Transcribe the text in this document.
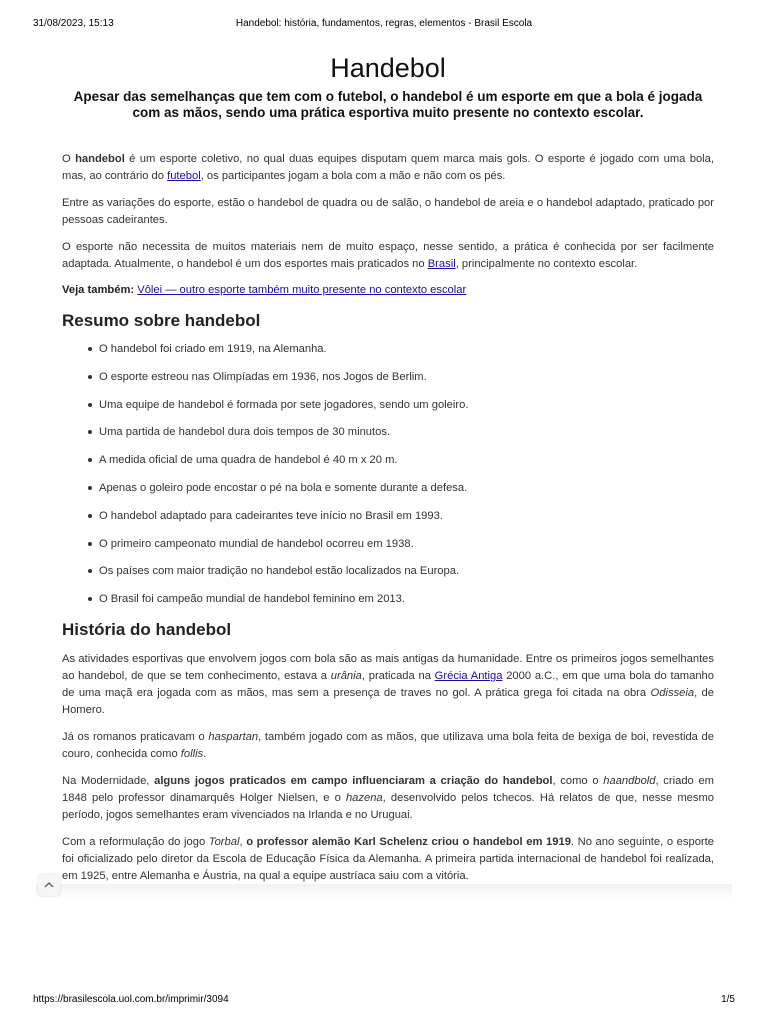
31/08/2023, 15:13	Handebol: história, fundamentos, regras, elementos - Brasil Escola
Handebol

Apesar das semelhanças que tem com o futebol, o handebol é um esporte em que a bola é jogada com as mãos, sendo uma prática esportiva muito presente no contexto escolar.

O handebol é um esporte coletivo, no qual duas equipes disputam quem marca mais gols. O esporte é jogado com uma bola, mas, ao contrário do futebol, os participantes jogam a bola com a mão e não com os pés.

Entre as variações do esporte, estão o handebol de quadra ou de salão, o handebol de areia e o handebol adaptado, praticado por pessoas cadeirantes.

O esporte não necessita de muitos materiais nem de muito espaço, nesse sentido, a prática é conhecida por ser facilmente adaptada. Atualmente, o handebol é um dos esportes mais praticados no Brasil, principalmente no contexto escolar.

Veja também: Vôlei — outro esporte também muito presente no contexto escolar
Resumo sobre handebol
O handebol foi criado em 1919, na Alemanha.
O esporte estreou nas Olimpíadas em 1936, nos Jogos de Berlim.
Uma equipe de handebol é formada por sete jogadores, sendo um goleiro.
Uma partida de handebol dura dois tempos de 30 minutos.
A medida oficial de uma quadra de handebol é 40 m x 20 m.
Apenas o goleiro pode encostar o pé na bola e somente durante a defesa.
O handebol adaptado para cadeirantes teve início no Brasil em 1993.
O primeiro campeonato mundial de handebol ocorreu em 1938.
Os países com maior tradição no handebol estão localizados na Europa.
O Brasil foi campeão mundial de handebol feminino em 2013.
História do handebol

As atividades esportivas que envolvem jogos com bola são as mais antigas da humanidade. Entre os primeiros jogos semelhantes ao handebol, de que se tem conhecimento, estava a urânia, praticada na Grécia Antiga 2000 a.C., em que uma bola do tamanho de uma maçã era jogada com as mãos, mas sem a presença de traves no gol. A prática grega foi citada na obra Odisseia, de Homero.

Já os romanos praticavam o haspartan, também jogado com as mãos, que utilizava uma bola feita de bexiga de boi, revestida de couro, conhecida como follis.

Na Modernidade, alguns jogos praticados em campo influenciaram a criação do handebol, como o haandbold, criado em 1848 pelo professor dinamarquês Holger Nielsen, e o hazena, desenvolvido pelos tchecos. Há relatos de que, nesse mesmo período, jogos semelhantes eram vivenciados na Irlanda e no Uruguai.

Com a reformulação do jogo Torbal, o professor alemão Karl Schelenz criou o handebol em 1919. No ano seguinte, o esporte foi oficializado pelo diretor da Escola de Educação Física da Alemanha. A primeira partida internacional de handebol foi realizada, em 1925, entre Alemanha e Áustria, na qual a equipe austríaca saiu com a vitória.

https://brasilescola.uol.com.br/imprimir/3094	1/5
